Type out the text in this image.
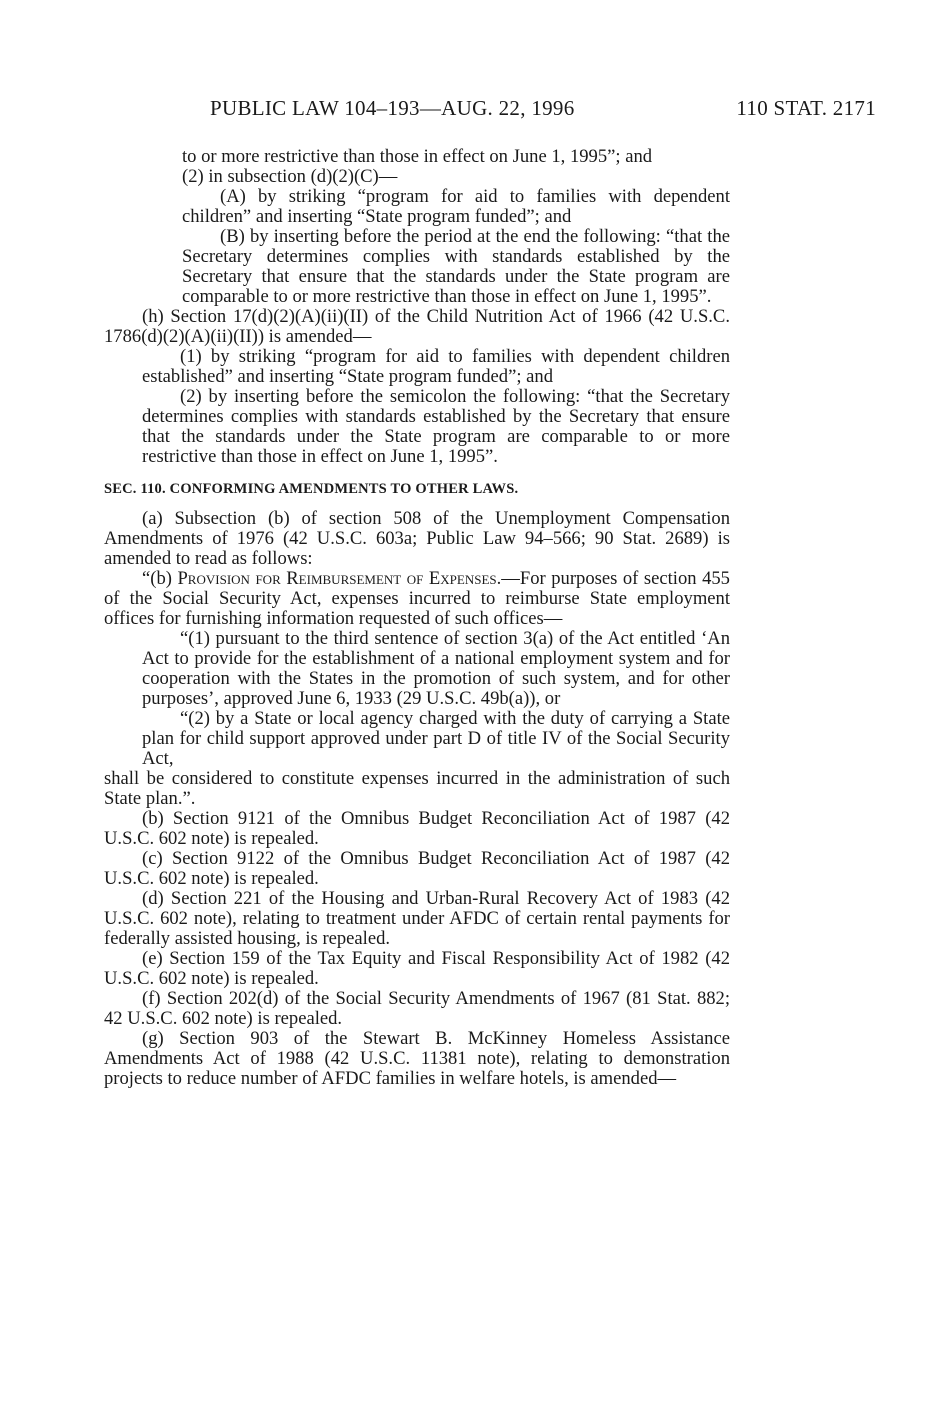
PUBLIC LAW 104–193—AUG. 22, 1996	110 STAT. 2171

to or more restrictive than those in effect on June 1, 1995”; and

(2) in subsection (d)(2)(C)—

(A) by striking “program for aid to families with dependent children” and inserting “State program funded”; and

(B) by inserting before the period at the end the following: “that the Secretary determines complies with standards established by the Secretary that ensure that the standards under the State program are comparable to or more restrictive than those in effect on June 1, 1995”.

(h) Section 17(d)(2)(A)(ii)(II) of the Child Nutrition Act of 1966 (42 U.S.C. 1786(d)(2)(A)(ii)(II)) is amended—

(1) by striking “program for aid to families with dependent children established” and inserting “State program funded”; and

(2) by inserting before the semicolon the following: “that the Secretary determines complies with standards established by the Secretary that ensure that the standards under the State program are comparable to or more restrictive than those in effect on June 1, 1995”.

SEC. 110. CONFORMING AMENDMENTS TO OTHER LAWS.

(a) Subsection (b) of section 508 of the Unemployment Compensation Amendments of 1976 (42 U.S.C. 603a; Public Law 94–566; 90 Stat. 2689) is amended to read as follows:

“(b) Provision for Reimbursement of Expenses.—For purposes of section 455 of the Social Security Act, expenses incurred to reimburse State employment offices for furnishing information requested of such offices—

“(1) pursuant to the third sentence of section 3(a) of the Act entitled ‘An Act to provide for the establishment of a national employment system and for cooperation with the States in the promotion of such system, and for other purposes’, approved June 6, 1933 (29 U.S.C. 49b(a)), or

“(2) by a State or local agency charged with the duty of carrying a State plan for child support approved under part D of title IV of the Social Security Act,

shall be considered to constitute expenses incurred in the administration of such State plan.”.

(b) Section 9121 of the Omnibus Budget Reconciliation Act of 1987 (42 U.S.C. 602 note) is repealed.

(c) Section 9122 of the Omnibus Budget Reconciliation Act of 1987 (42 U.S.C. 602 note) is repealed.

(d) Section 221 of the Housing and Urban-Rural Recovery Act of 1983 (42 U.S.C. 602 note), relating to treatment under AFDC of certain rental payments for federally assisted housing, is repealed.

(e) Section 159 of the Tax Equity and Fiscal Responsibility Act of 1982 (42 U.S.C. 602 note) is repealed.

(f) Section 202(d) of the Social Security Amendments of 1967 (81 Stat. 882; 42 U.S.C. 602 note) is repealed.

(g) Section 903 of the Stewart B. McKinney Homeless Assistance Amendments Act of 1988 (42 U.S.C. 11381 note), relating to demonstration projects to reduce number of AFDC families in welfare hotels, is amended—
